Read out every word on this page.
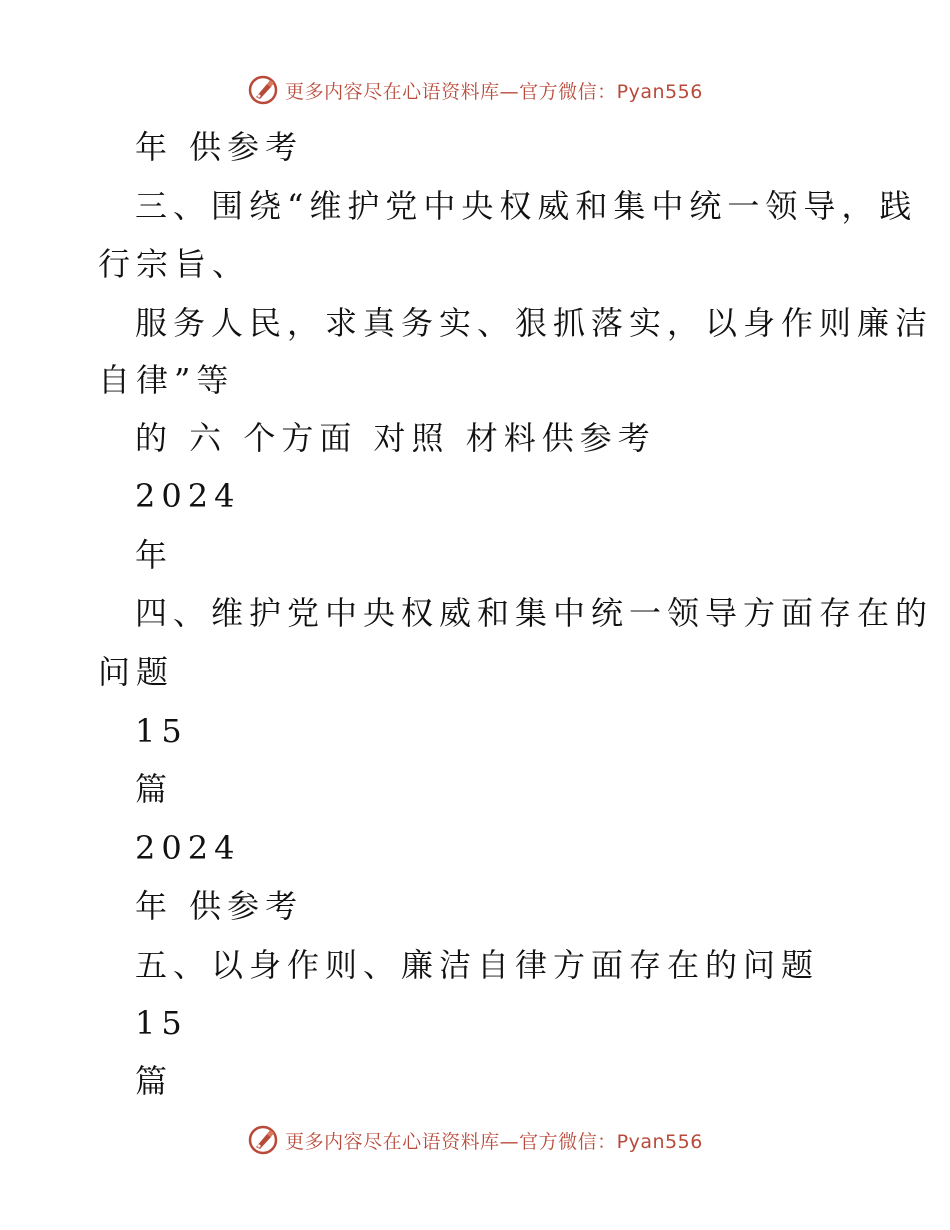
更多内容尽在心语资料库—官方微信：Pyan556
年 供参考
三、围绕“维护党中央权威和集中统一领导，践
行宗旨、
服务人民，求真务实、狠抓落实，以身作则廉洁
自律”等
的 六 个方面 对照 材料供参考
2024
年
四、维护党中央权威和集中统一领导方面存在的
问题
15
篇
2024
年 供参考
五、以身作则、廉洁自律方面存在的问题
15
篇
更多内容尽在心语资料库—官方微信：Pyan556
